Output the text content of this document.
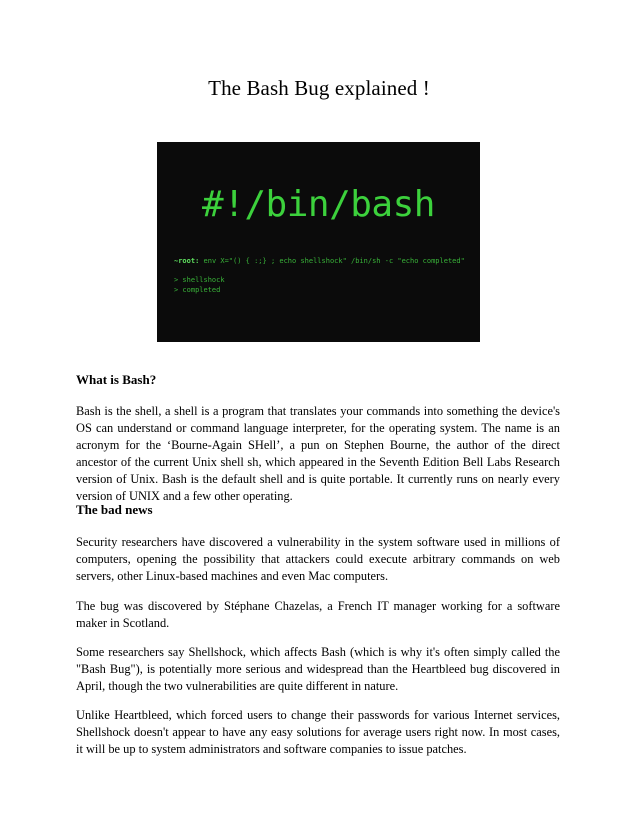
The Bash Bug explained !
#!/bin/bash
~root: env X="() { :;} ; echo shellshock" /bin/sh -c "echo completed"
> shellshock
> completed
What is Bash?

Bash is the shell, a shell is a program that translates your commands into something the device's OS can understand or command language interpreter, for the operating system. The name is an acronym for the ‘Bourne-Again SHell’, a pun on Stephen Bourne, the author of the direct ancestor of the current Unix shell sh, which appeared in the Seventh Edition Bell Labs Research version of Unix. Bash is the default shell and is quite portable. It currently runs on nearly every version of UNIX and a few other operating.

The bad news

Security researchers have discovered a vulnerability in the system software used in millions of computers, opening the possibility that attackers could execute arbitrary commands on web servers, other Linux-based machines and even Mac computers.

The bug was discovered by Stéphane Chazelas, a French IT manager working for a software maker in Scotland.

Some researchers say Shellshock, which affects Bash (which is why it's often simply called the "Bash Bug"), is potentially more serious and widespread than the Heartbleed bug discovered in April, though the two vulnerabilities are quite different in nature.

Unlike Heartbleed, which forced users to change their passwords for various Internet services, Shellshock doesn't appear to have any easy solutions for average users right now. In most cases, it will be up to system administrators and software companies to issue patches.
